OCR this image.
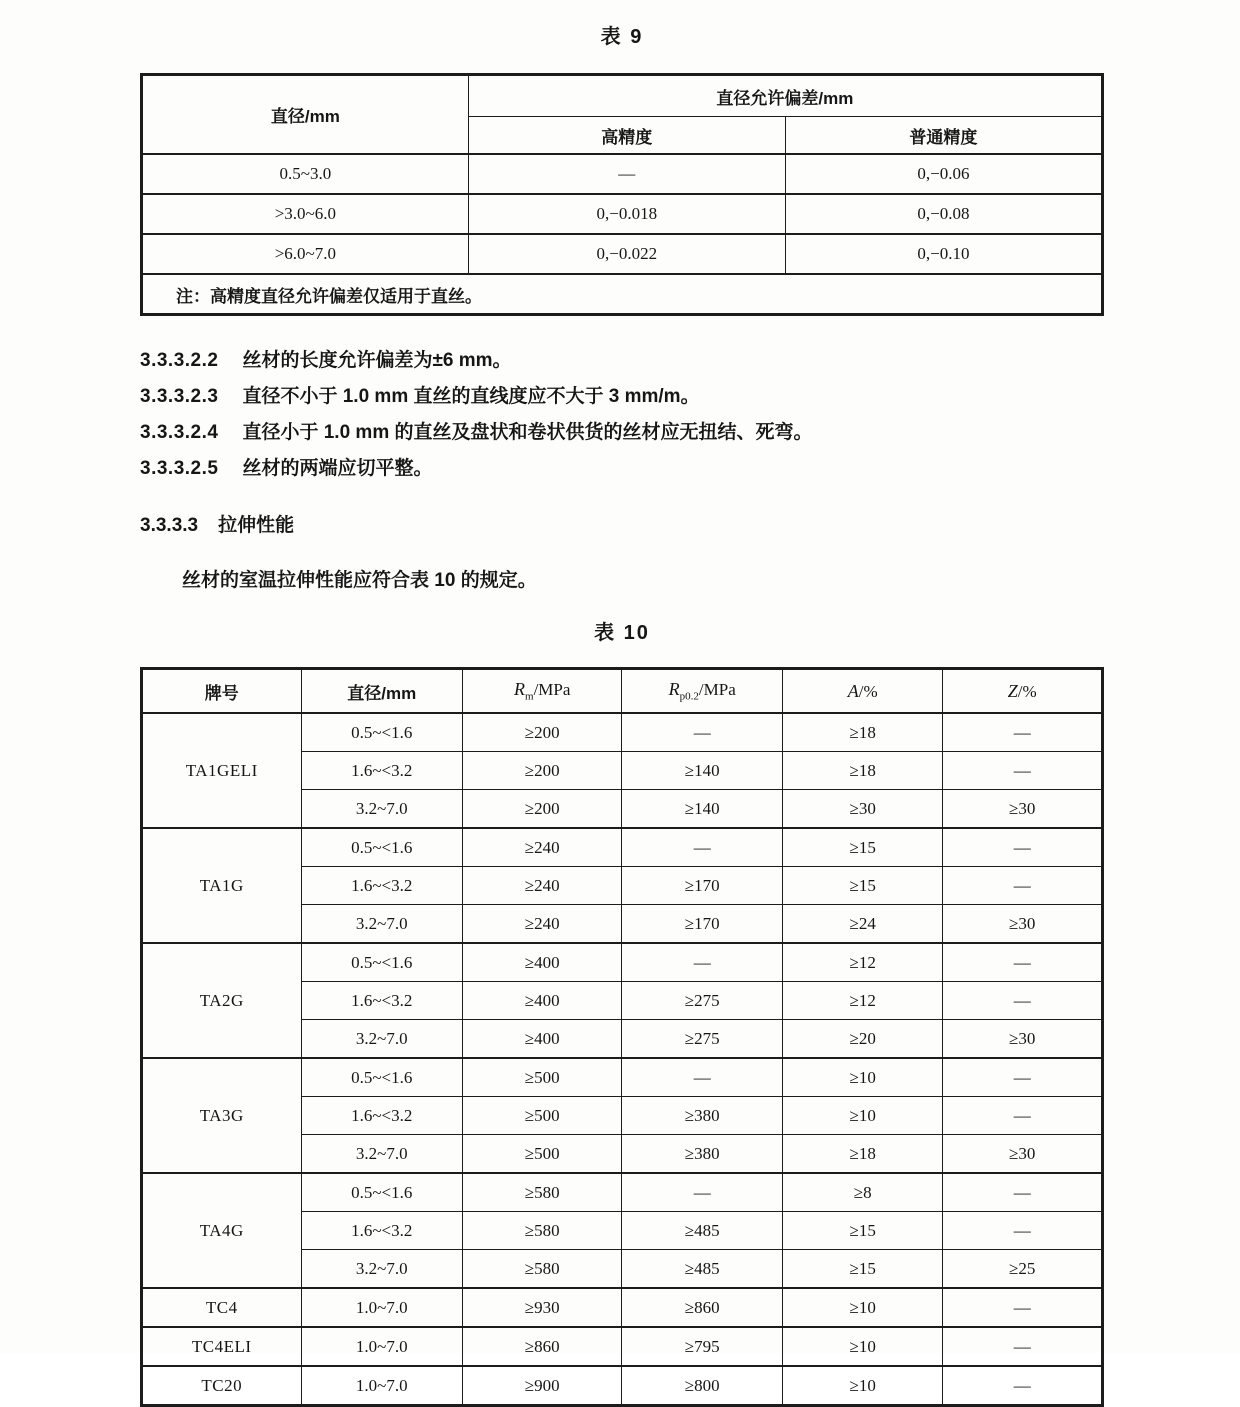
表 9
直径/mm	直径允许偏差/mm	
	高精度	普通精度
0.5~3.0	—	0,−0.06
>3.0~6.0	0,−0.018	0,−0.08
>6.0~7.0	0,−0.022	0,−0.10
注：高精度直径允许偏差仅适用于直丝。		

3.3.3.2.2 丝材的长度允许偏差为±6 mm。

3.3.3.2.3 直径不小于 1.0 mm 直丝的直线度应不大于 3 mm/m。

3.3.3.2.4 直径小于 1.0 mm 的直丝及盘状和卷状供货的丝材应无扭结、死弯。

3.3.3.2.5 丝材的两端应切平整。

3.3.3.3 拉伸性能

丝材的室温拉伸性能应符合表 10 的规定。

表 10
牌号	直径/mm	$R_m$/MPa	$R_{p0.2}$/MPa	A/%	Z/%
TA1GELI	0.5~<1.6	≥200	—	≥18	—
	1.6~<3.2	≥200	≥140	≥18	—
	3.2~7.0	≥200	≥140	≥30	≥30
TA1G	0.5~<1.6	≥240	—	≥15	—
	1.6~<3.2	≥240	≥170	≥15	—
	3.2~7.0	≥240	≥170	≥24	≥30
TA2G	0.5~<1.6	≥400	—	≥12	—
	1.6~<3.2	≥400	≥275	≥12	—
	3.2~7.0	≥400	≥275	≥20	≥30
TA3G	0.5~<1.6	≥500	—	≥10	—
	1.6~<3.2	≥500	≥380	≥10	—
	3.2~7.0	≥500	≥380	≥18	≥30
TA4G	0.5~<1.6	≥580	—	≥8	—
	1.6~<3.2	≥580	≥485	≥15	—
	3.2~7.0	≥580	≥485	≥15	≥25
TC4	1.0~7.0	≥930	≥860	≥10	—
TC4ELI	1.0~7.0	≥860	≥795	≥10	—
TC20	1.0~7.0	≥900	≥800	≥10	—
